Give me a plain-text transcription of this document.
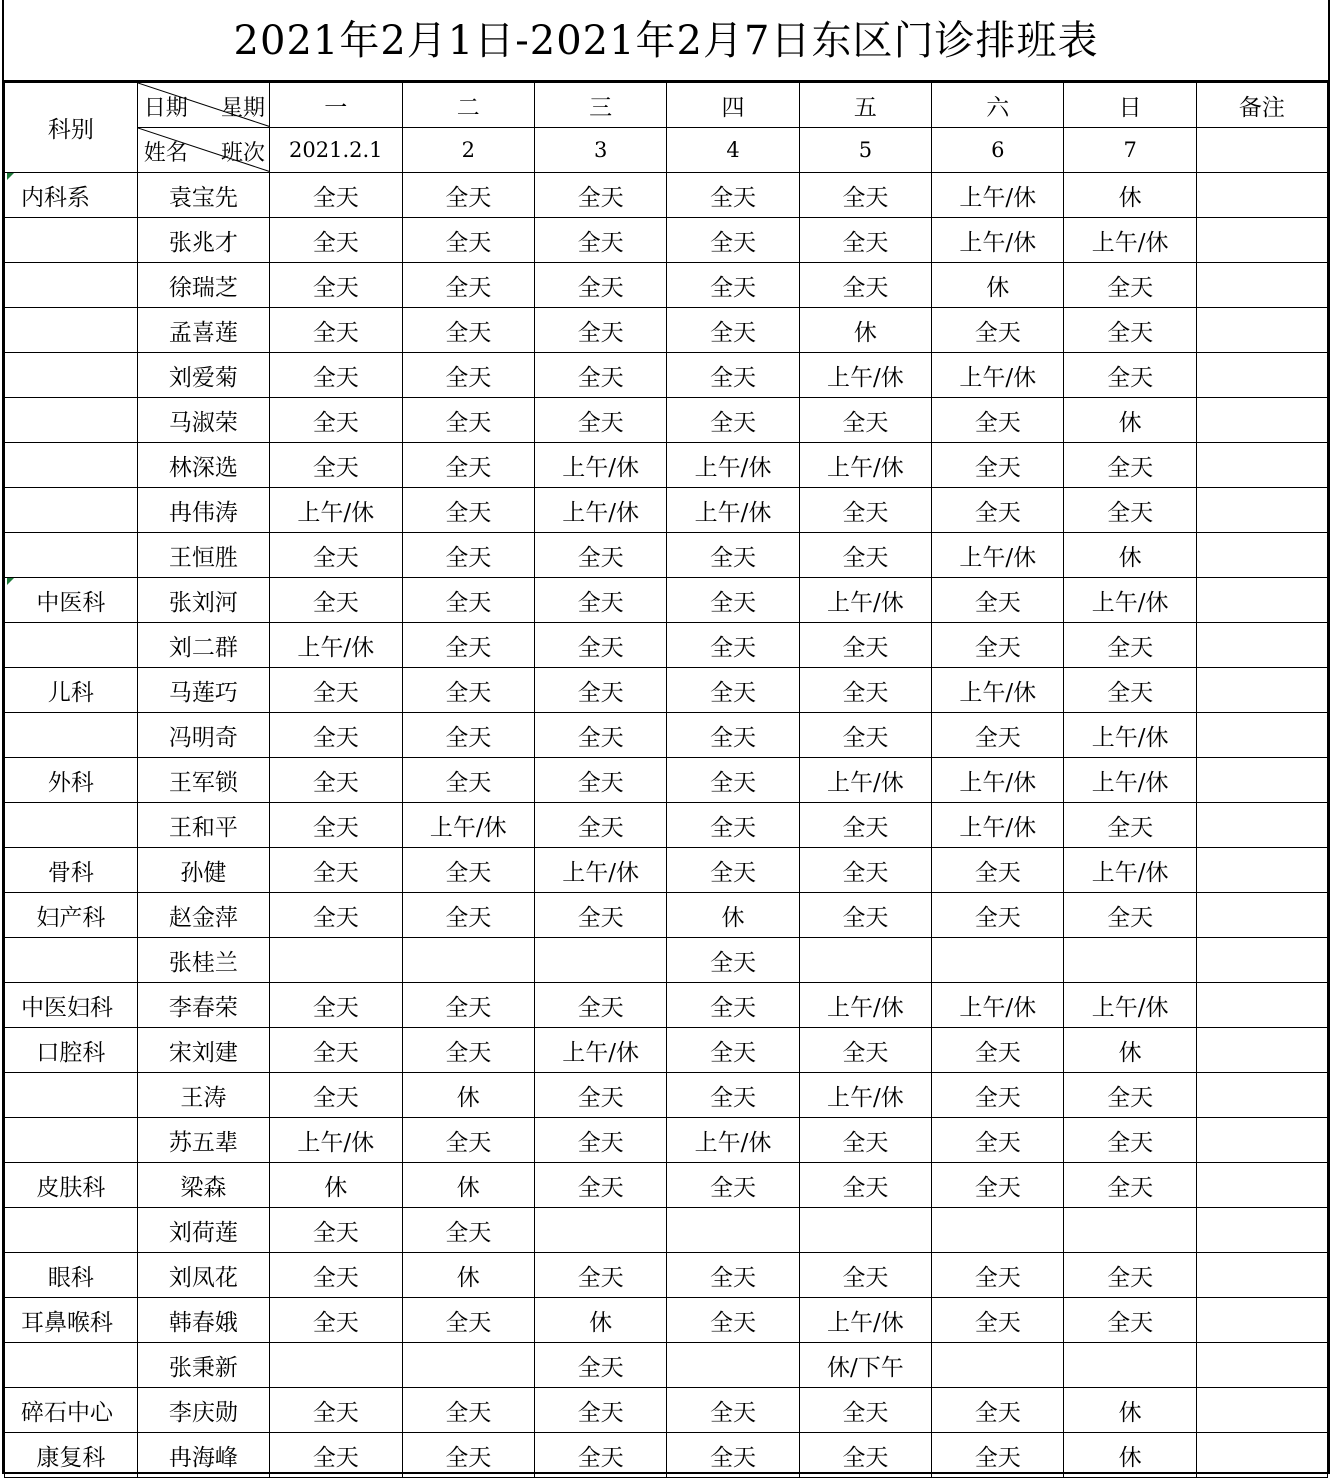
2021年2月1日-2021年2月7日东区门诊排班表
科别	日期 星期	一	二	三	四	五	六	日	备注

	姓名 班次	2021.2.1	2	3	4	5	6	7	
内科系	袁宝先	全天	全天	全天	全天	全天	上午/休	休	
	张兆才	全天	全天	全天	全天	全天	上午/休	上午/休	
	徐瑞芝	全天	全天	全天	全天	全天	休	全天	
	孟喜莲	全天	全天	全天	全天	休	全天	全天	
	刘爱菊	全天	全天	全天	全天	上午/休	上午/休	全天	
	马淑荣	全天	全天	全天	全天	全天	全天	休	
	林深选	全天	全天	上午/休	上午/休	上午/休	全天	全天	
	冉伟涛	上午/休	全天	上午/休	上午/休	全天	全天	全天	
	王恒胜	全天	全天	全天	全天	全天	上午/休	休	
中医科	张刘河	全天	全天	全天	全天	上午/休	全天	上午/休	
	刘二群	上午/休	全天	全天	全天	全天	全天	全天	
儿科	马莲巧	全天	全天	全天	全天	全天	上午/休	全天	
	冯明奇	全天	全天	全天	全天	全天	全天	上午/休	
外科	王军锁	全天	全天	全天	全天	上午/休	上午/休	上午/休	
	王和平	全天	上午/休	全天	全天	全天	上午/休	全天	
骨科	孙健	全天	全天	上午/休	全天	全天	全天	上午/休	
妇产科	赵金萍	全天	全天	全天	休	全天	全天	全天	
	张桂兰				全天				
中医妇科	李春荣	全天	全天	全天	全天	上午/休	上午/休	上午/休	
口腔科	宋刘建	全天	全天	上午/休	全天	全天	全天	休	
	王涛	全天	休	全天	全天	上午/休	全天	全天	
	苏五辈	上午/休	全天	全天	上午/休	全天	全天	全天	
皮肤科	梁森	休	休	全天	全天	全天	全天	全天	
	刘荷莲	全天	全天						
眼科	刘凤花	全天	休	全天	全天	全天	全天	全天	
耳鼻喉科	韩春娥	全天	全天	休	全天	上午/休	全天	全天	
	张秉新			全天		休/下午			
碎石中心	李庆勋	全天	全天	全天	全天	全天	全天	休	
康复科	冉海峰	全天	全天	全天	全天	全天	全天	休	
